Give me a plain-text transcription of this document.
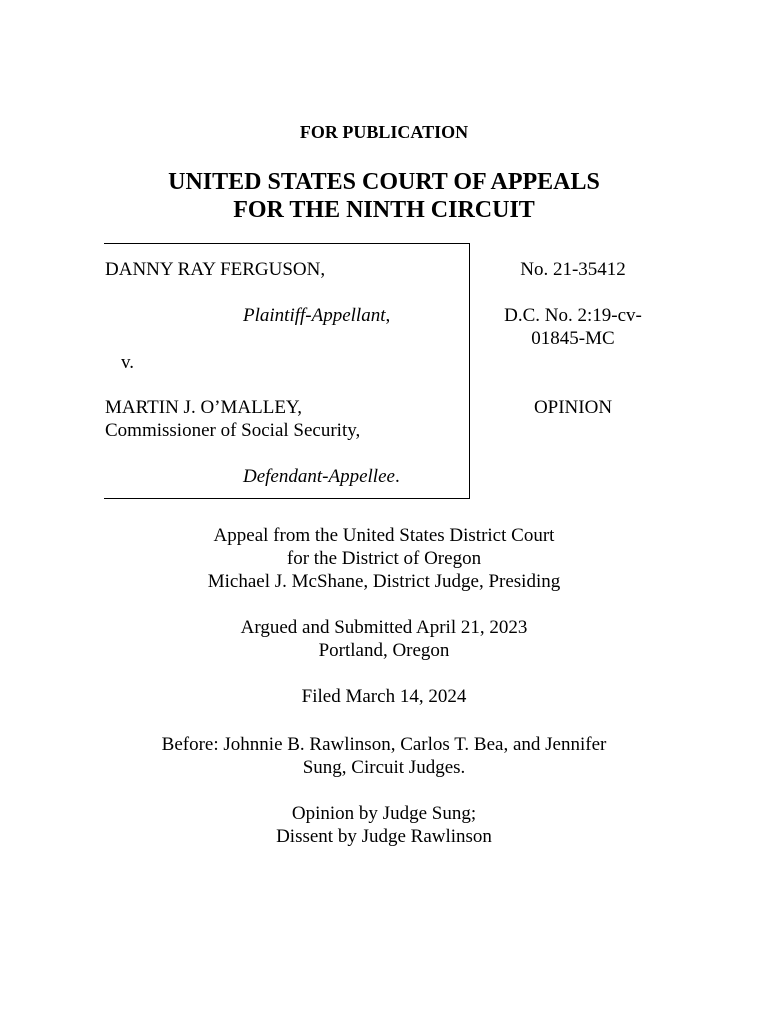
FOR PUBLICATION
UNITED STATES COURT OF APPEALS
FOR THE NINTH CIRCUIT
DANNY RAY FERGUSON,
Plaintiff-Appellant,
v.
MARTIN J. O’MALLEY,
Commissioner of Social Security,
Defendant-Appellee.
No. 21-35412
D.C. No. 2:19-cv-
01845-MC
OPINION
Appeal from the United States District Court
for the District of Oregon
Michael J. McShane, District Judge, Presiding
Argued and Submitted April 21, 2023
Portland, Oregon
Filed March 14, 2024
Before: Johnnie B. Rawlinson, Carlos T. Bea, and Jennifer
Sung, Circuit Judges.
Opinion by Judge Sung;
Dissent by Judge Rawlinson
